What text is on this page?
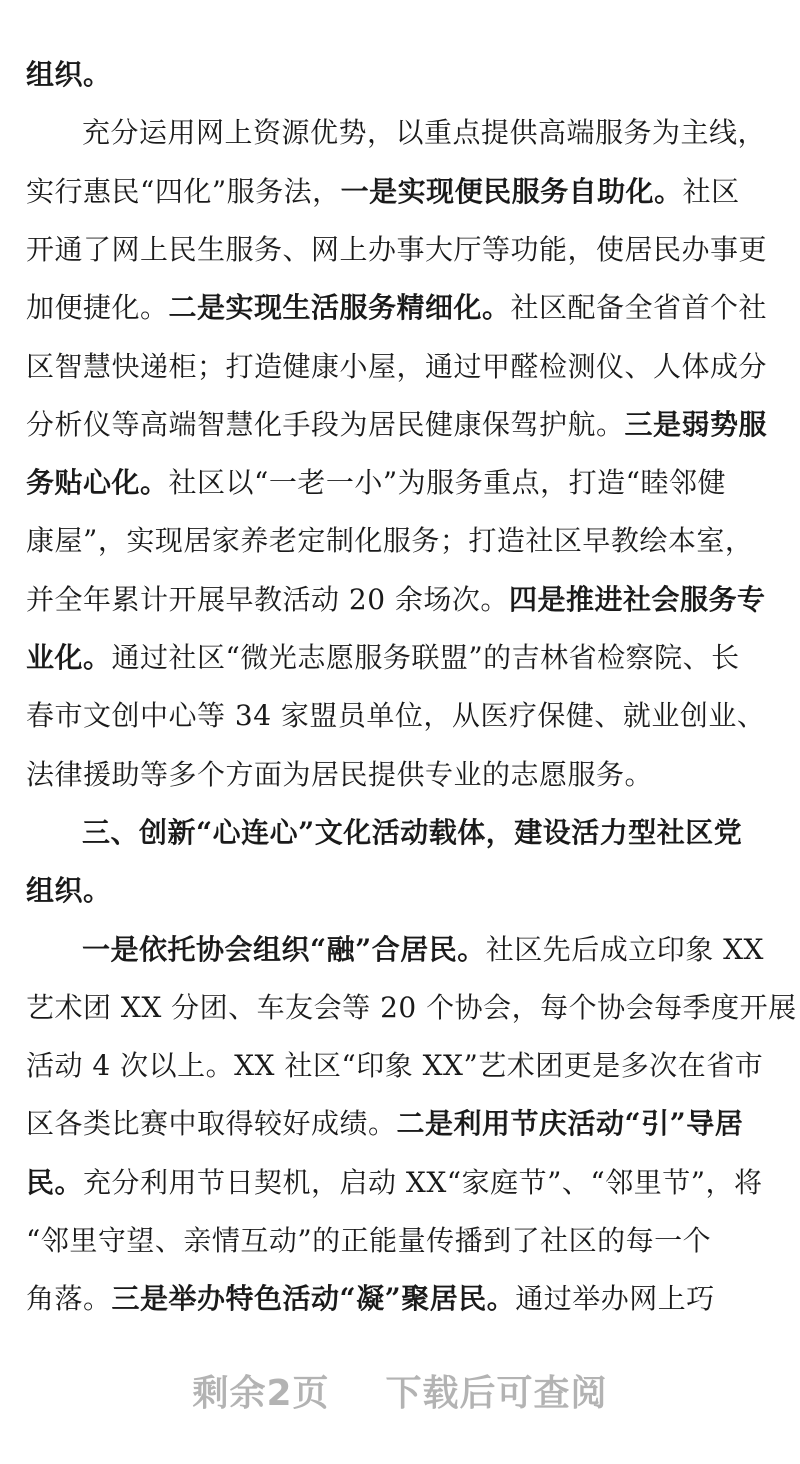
组织。
充分运用网上资源优势，以重点提供高端服务为主线，
实行惠民“四化”服务法，一是实现便民服务自助化。社区
开通了网上民生服务、网上办事大厅等功能，使居民办事更
加便捷化。二是实现生活服务精细化。社区配备全省首个社
区智慧快递柜；打造健康小屋，通过甲醛检测仪、人体成分
分析仪等高端智慧化手段为居民健康保驾护航。三是弱势服
务贴心化。社区以“一老一小”为服务重点，打造“睦邻健
康屋”，实现居家养老定制化服务；打造社区早教绘本室，
并全年累计开展早教活动 20 余场次。四是推进社会服务专
业化。通过社区“微光志愿服务联盟”的吉林省检察院、长
春市文创中心等 34 家盟员单位，从医疗保健、就业创业、
法律援助等多个方面为居民提供专业的志愿服务。
三、创新“心连心”文化活动载体，建设活力型社区党
组织。
一是依托协会组织“融”合居民。社区先后成立印象 XX
艺术团 XX 分团、车友会等 20 个协会，每个协会每季度开展
活动 4 次以上。XX 社区“印象 XX”艺术团更是多次在省市
区各类比赛中取得较好成绩。二是利用节庆活动“引”导居
民。充分利用节日契机，启动 XX“家庭节”、“邻里节”，将
“邻里守望、亲情互动”的正能量传播到了社区的每一个
角落。三是举办特色活动“凝”聚居民。通过举办网上巧
剩余2页 下载后可查阅
